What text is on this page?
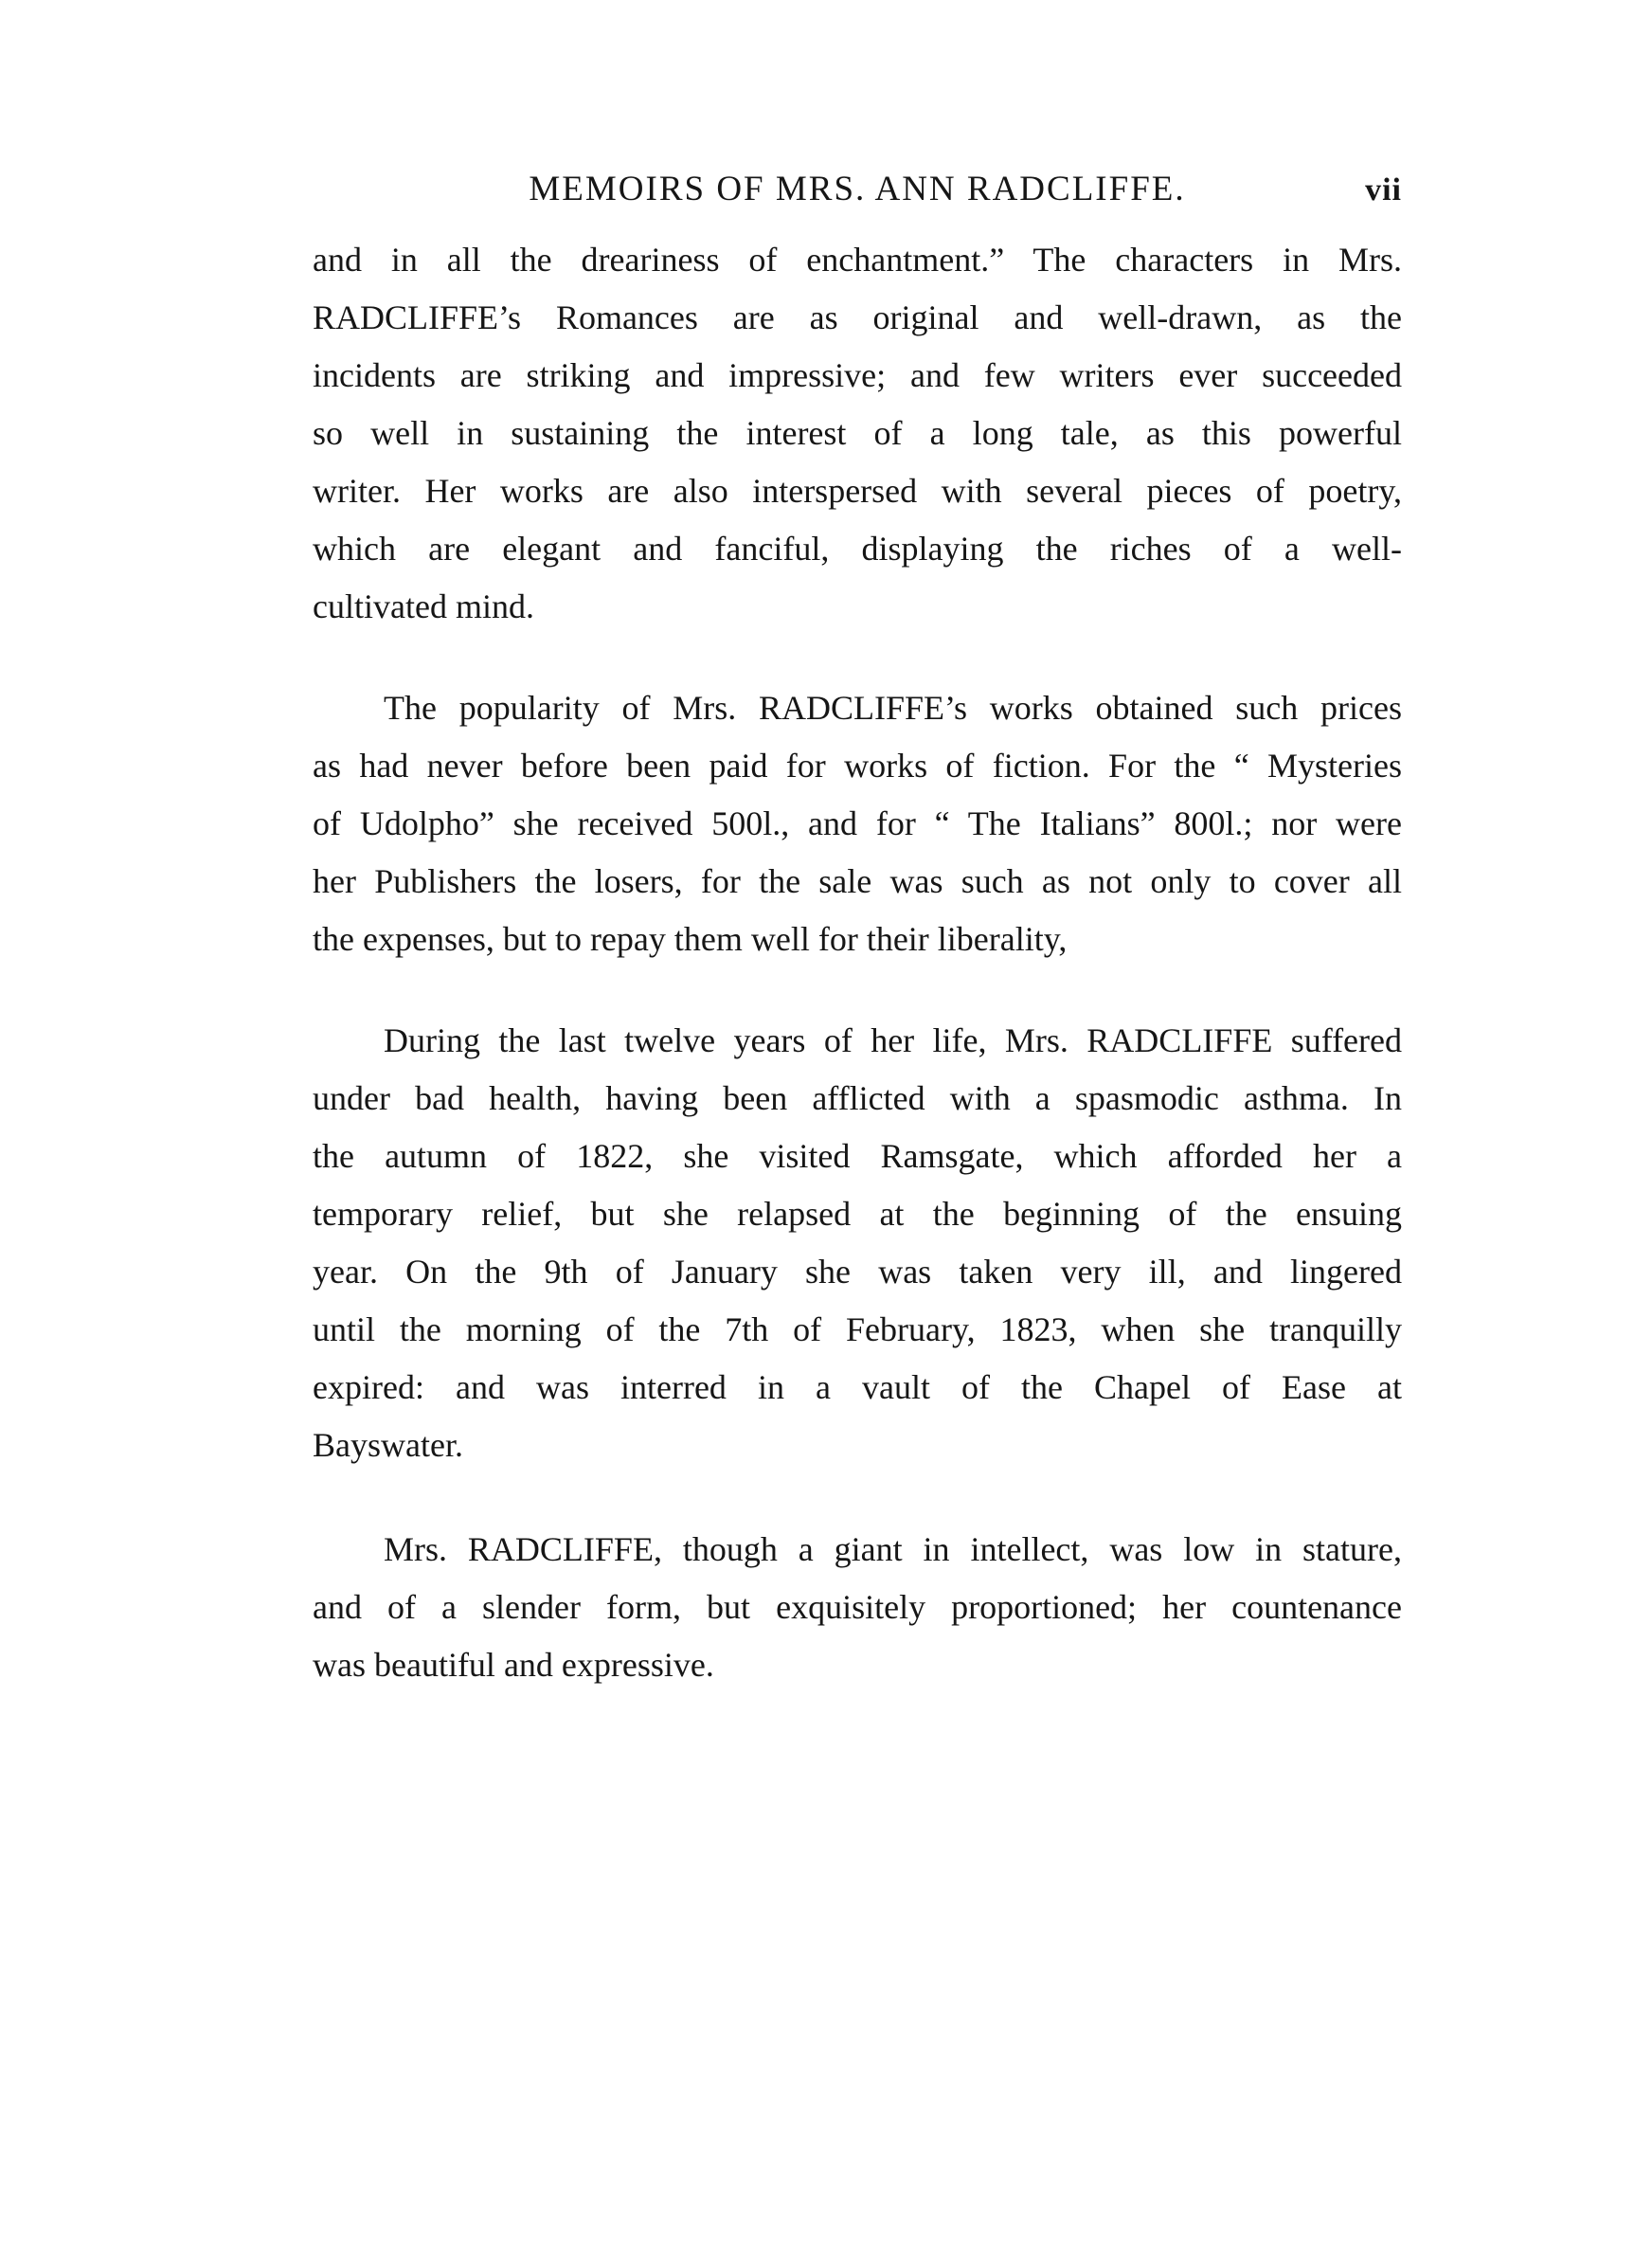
MEMOIRS OF MRS. ANN RADCLIFFE.	vii
and in all the dreariness of enchantment.” The characters in Mrs.
RADCLIFFE’s Romances are as original and well-drawn, as the
incidents are striking and impressive; and few writers ever succeeded
so well in sustaining the interest of a long tale, as this powerful
writer. Her works are also interspersed with several pieces of poetry,
which are elegant and fanciful, displaying the riches of a well-
cultivated mind.
The popularity of Mrs. RADCLIFFE’s works obtained such prices
as had never before been paid for works of fiction. For the “ Mysteries
of Udolpho” she received 500l., and for “ The Italians” 800l.; nor were
her Publishers the losers, for the sale was such as not only to cover all
the expenses, but to repay them well for their liberality,
During the last twelve years of her life, Mrs. RADCLIFFE suffered
under bad health, having been afflicted with a spasmodic asthma. In
the autumn of 1822, she visited Ramsgate, which afforded her a
temporary relief, but she relapsed at the beginning of the ensuing
year. On the 9th of January she was taken very ill, and lingered
until the morning of the 7th of February, 1823, when she tranquilly
expired: and was interred in a vault of the Chapel of Ease at
Bayswater.
Mrs. RADCLIFFE, though a giant in intellect, was low in stature,
and of a slender form, but exquisitely proportioned; her countenance
was beautiful and expressive.
